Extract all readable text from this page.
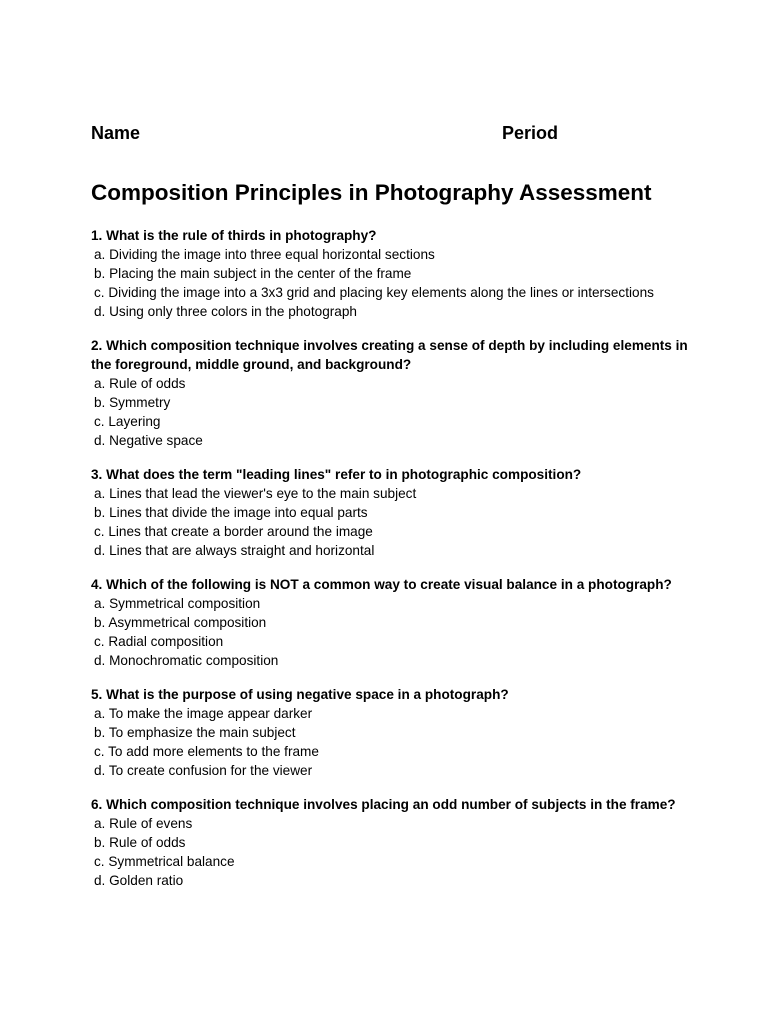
Name	Period
Composition Principles in Photography Assessment

1. What is the rule of thirds in photography?

a. Dividing the image into three equal horizontal sections
b. Placing the main subject in the center of the frame
c. Dividing the image into a 3x3 grid and placing key elements along the lines or intersections
d. Using only three colors in the photograph

2. Which composition technique involves creating a sense of depth by including elements in the foreground, middle ground, and background?

a. Rule of odds
b. Symmetry
c. Layering
d. Negative space

3. What does the term "leading lines" refer to in photographic composition?

a. Lines that lead the viewer's eye to the main subject
b. Lines that divide the image into equal parts
c. Lines that create a border around the image
d. Lines that are always straight and horizontal

4. Which of the following is NOT a common way to create visual balance in a photograph?

a. Symmetrical composition
b. Asymmetrical composition
c. Radial composition
d. Monochromatic composition

5. What is the purpose of using negative space in a photograph?

a. To make the image appear darker
b. To emphasize the main subject
c. To add more elements to the frame
d. To create confusion for the viewer

6. Which composition technique involves placing an odd number of subjects in the frame?

a. Rule of evens
b. Rule of odds
c. Symmetrical balance
d. Golden ratio
